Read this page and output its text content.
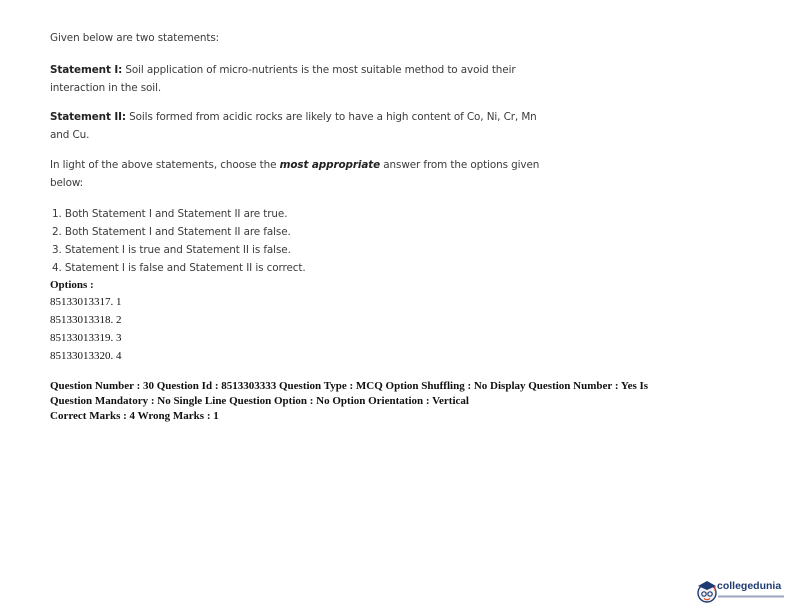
Given below are two statements:

Statement I: Soil application of micro-nutrients is the most suitable method to avoid their
interaction in the soil.

Statement II: Soils formed from acidic rocks are likely to have a high content of Co, Ni, Cr, Mn
and Cu.

In light of the above statements, choose the most appropriate answer from the options given
below:

1. Both Statement I and Statement II are true.
2. Both Statement I and Statement II are false.
3. Statement I is true and Statement II is false.
4. Statement I is false and Statement II is correct.

Options :

85133013317. 1
85133013318. 2
85133013319. 3
85133013320. 4

Question Number : 30 Question Id : 8513303333 Question Type : MCQ Option Shuffling : No Display Question Number : Yes Is
Question Mandatory : No Single Line Question Option : No Option Orientation : Vertical
Correct Marks : 4 Wrong Marks : 1

collegedunia
